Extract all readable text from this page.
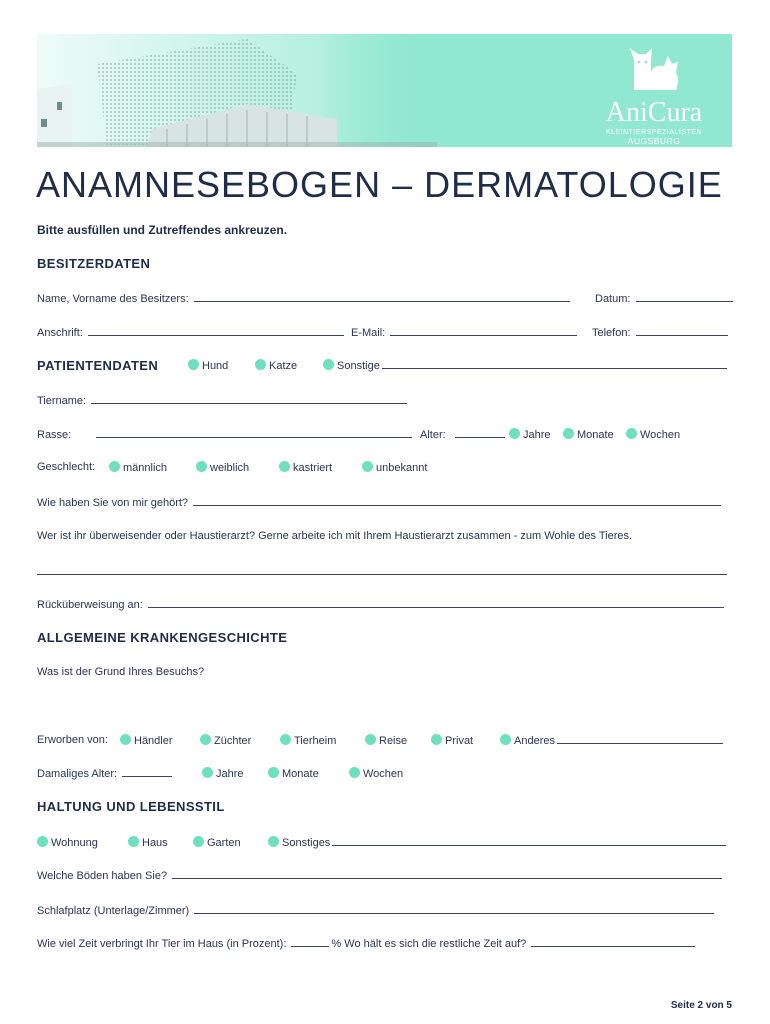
AniCura
KLEINTIERSPEZIALISTEN
AUGSBURG
ANAMNESEBOGEN – DERMATOLOGIE
Bitte ausfüllen und Zutreffendes ankreuzen.
BESITZERDATEN
Name, Vorname des Besitzers:	Datum:
Anschrift:	E-Mail:	Telefon:
PATIENTENDATEN	Hund	Katze	Sonstige
Tiername:
Rasse:	Alter:	Jahre	Monate	Wochen
Geschlecht:	männlich	weiblich	kastriert	unbekannt
Wie haben Sie von mir gehört?
Wer ist ihr überweisender oder Haustierarzt? Gerne arbeite ich mit Ihrem Haustierarzt zusammen - zum Wohle des Tieres.
Rücküberweisung an:
ALLGEMEINE KRANKENGESCHICHTE
Was ist der Grund Ihres Besuchs?
Erworben von:	Händler	Züchter	Tierheim	Reise	Privat	Anderes
Damaliges Alter:	Jahre	Monate	Wochen
HALTUNG UND LEBENSSTIL
Wohnung	Haus	Garten	Sonstiges
Welche Böden haben Sie?
Schlafplatz (Unterlage/Zimmer)
Wie viel Zeit verbringt Ihr Tier im Haus (in Prozent):	% Wo hält es sich die restliche Zeit auf?
Seite 2 von 5
